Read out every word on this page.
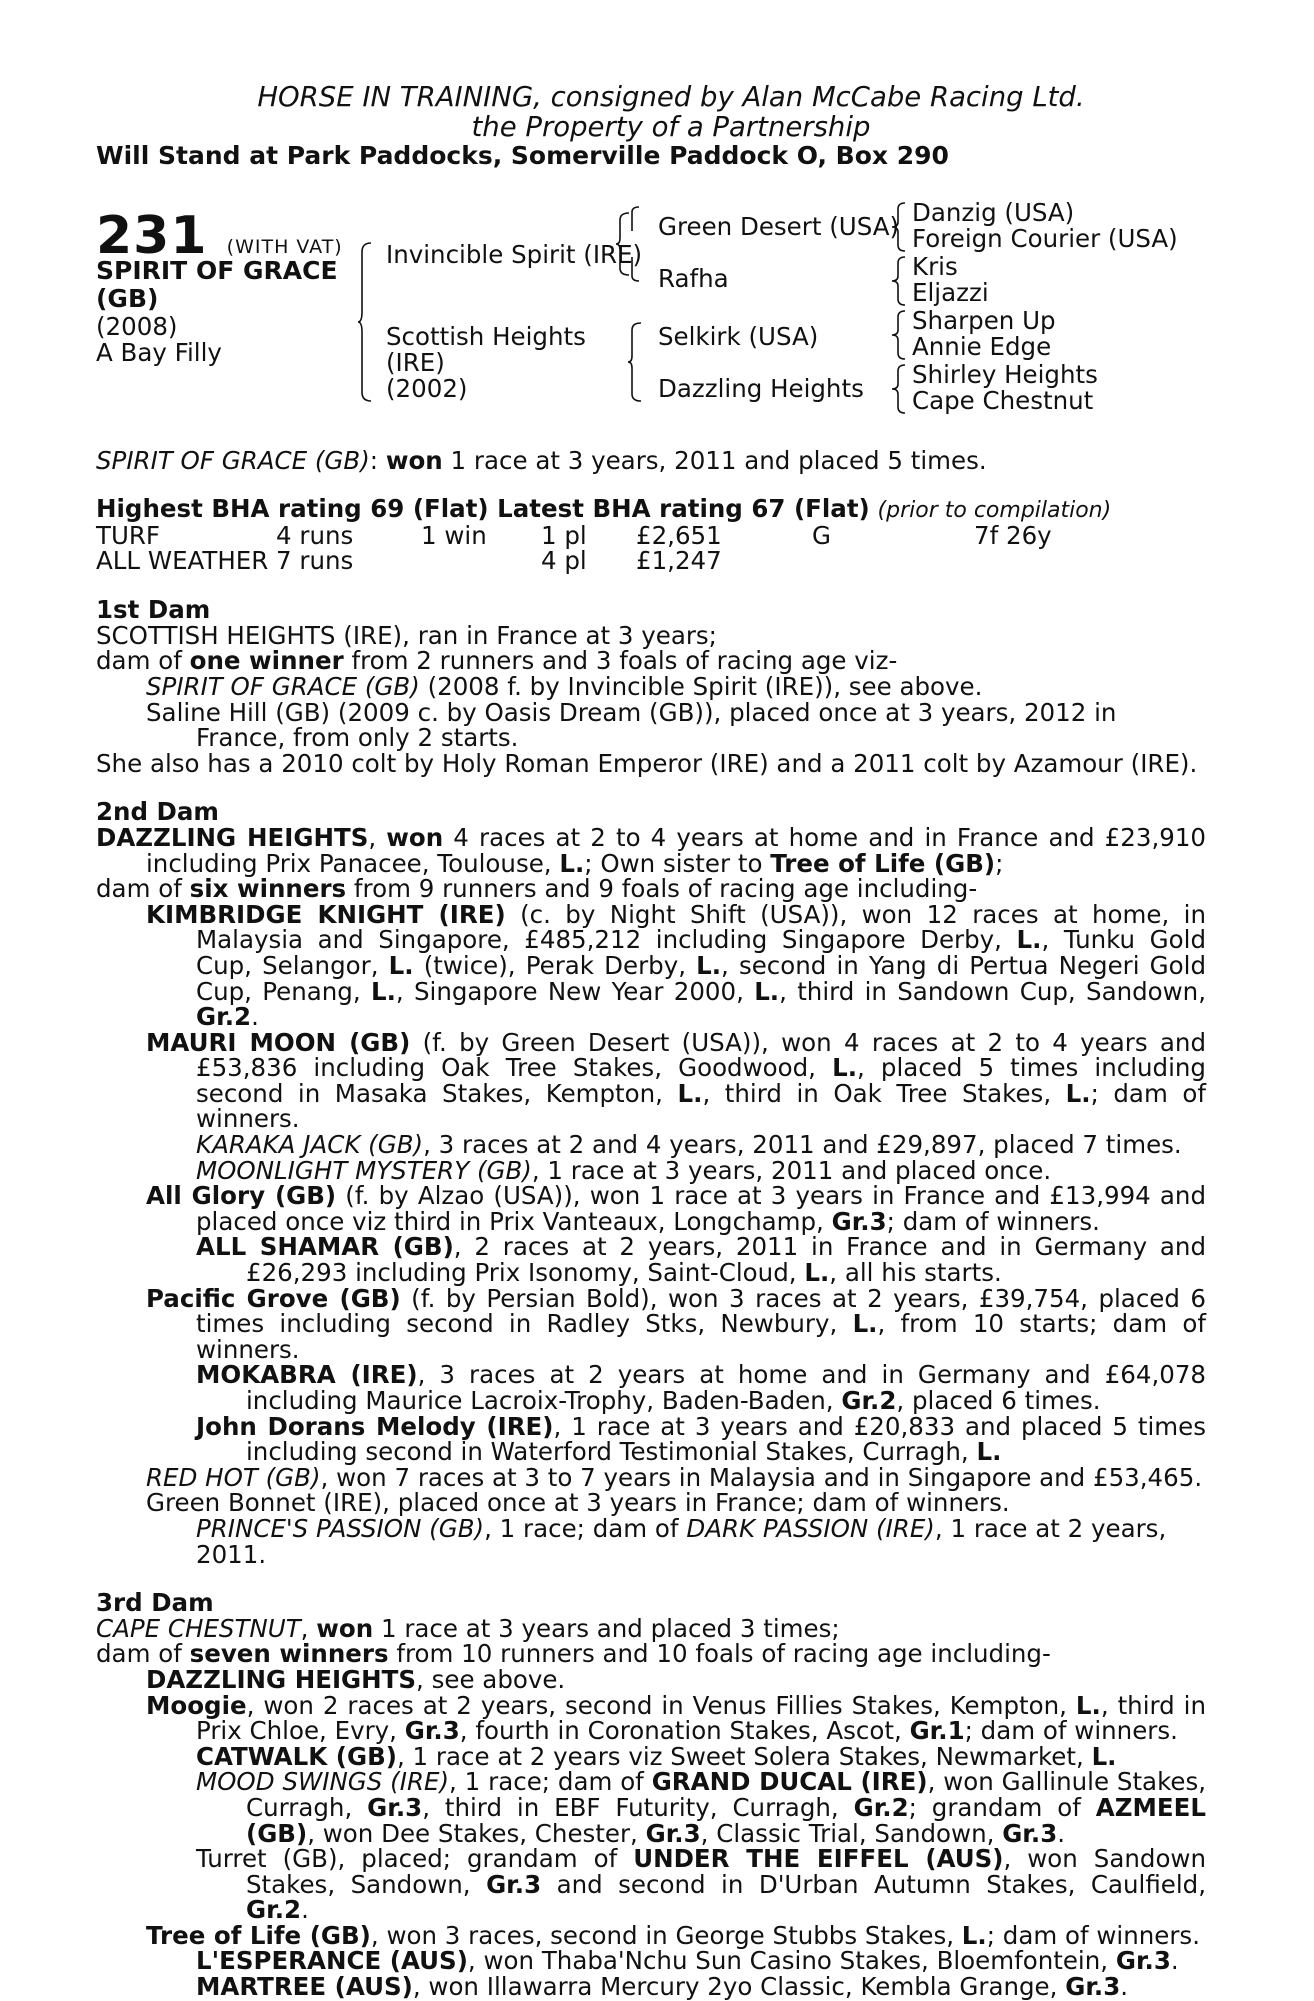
HORSE IN TRAINING, consigned by Alan McCabe Racing Ltd.
the Property of a Partnership
Will Stand at Park Paddocks, Somerville Paddock O, Box 290
231 (WITH VAT)
SPIRIT OF GRACE
(GB)
(2008)
A Bay Filly
Invincible Spirit (IRE)
Scottish Heights
(IRE)
(2002)
Green Desert (USA)
Rafha
Selkirk (USA)
Dazzling Heights
Danzig (USA)
Foreign Courier (USA)
Kris
Eljazzi
Sharpen Up
Annie Edge
Shirley Heights
Cape Chestnut

SPIRIT OF GRACE (GB): won 1 race at 3 years, 2011 and placed 5 times.

Highest BHA rating 69 (Flat) Latest BHA rating 67 (Flat) (prior to compilation)

TURF	4 runs	1 win 1 pl £2,651	G	7f 26y
ALL WEATHER 7 runs	4 pl £1,247

1st Dam

SCOTTISH HEIGHTS (IRE), ran in France at 3 years;

dam of one winner from 2 runners and 3 foals of racing age viz-

SPIRIT OF GRACE (GB) (2008 f. by Invincible Spirit (IRE)), see above.

Saline Hill (GB) (2009 c. by Oasis Dream (GB)), placed once at 3 years, 2012 in France, from only 2 starts.

She also has a 2010 colt by Holy Roman Emperor (IRE) and a 2011 colt by Azamour (IRE).

2nd Dam

DAZZLING HEIGHTS, won 4 races at 2 to 4 years at home and in France and £23,910 including Prix Panacee, Toulouse, L.; Own sister to Tree of Life (GB);

dam of six winners from 9 runners and 9 foals of racing age including-

KIMBRIDGE KNIGHT (IRE) (c. by Night Shift (USA)), won 12 races at home, in Malaysia and Singapore, £485,212 including Singapore Derby, L., Tunku Gold Cup, Selangor, L. (twice), Perak Derby, L., second in Yang di Pertua Negeri Gold Cup, Penang, L., Singapore New Year 2000, L., third in Sandown Cup, Sandown, Gr.2.

MAURI MOON (GB) (f. by Green Desert (USA)), won 4 races at 2 to 4 years and £53,836 including Oak Tree Stakes, Goodwood, L., placed 5 times including second in Masaka Stakes, Kempton, L., third in Oak Tree Stakes, L.; dam of winners.

KARAKA JACK (GB), 3 races at 2 and 4 years, 2011 and £29,897, placed 7 times.

MOONLIGHT MYSTERY (GB), 1 race at 3 years, 2011 and placed once.

All Glory (GB) (f. by Alzao (USA)), won 1 race at 3 years in France and £13,994 and placed once viz third in Prix Vanteaux, Longchamp, Gr.3; dam of winners.

ALL SHAMAR (GB), 2 races at 2 years, 2011 in France and in Germany and £26,293 including Prix Isonomy, Saint-Cloud, L., all his starts.

Pacific Grove (GB) (f. by Persian Bold), won 3 races at 2 years, £39,754, placed 6 times including second in Radley Stks, Newbury, L., from 10 starts; dam of winners.

MOKABRA (IRE), 3 races at 2 years at home and in Germany and £64,078 including Maurice Lacroix-Trophy, Baden-Baden, Gr.2, placed 6 times.

John Dorans Melody (IRE), 1 race at 3 years and £20,833 and placed 5 times including second in Waterford Testimonial Stakes, Curragh, L.

RED HOT (GB), won 7 races at 3 to 7 years in Malaysia and in Singapore and £53,465.

Green Bonnet (IRE), placed once at 3 years in France; dam of winners.

PRINCE'S PASSION (GB), 1 race; dam of DARK PASSION (IRE), 1 race at 2 years, 2011.

3rd Dam

CAPE CHESTNUT, won 1 race at 3 years and placed 3 times;

dam of seven winners from 10 runners and 10 foals of racing age including-

DAZZLING HEIGHTS, see above.

Moogie, won 2 races at 2 years, second in Venus Fillies Stakes, Kempton, L., third in Prix Chloe, Evry, Gr.3, fourth in Coronation Stakes, Ascot, Gr.1; dam of winners.

CATWALK (GB), 1 race at 2 years viz Sweet Solera Stakes, Newmarket, L.

MOOD SWINGS (IRE), 1 race; dam of GRAND DUCAL (IRE), won Gallinule Stakes, Curragh, Gr.3, third in EBF Futurity, Curragh, Gr.2; grandam of AZMEEL (GB), won Dee Stakes, Chester, Gr.3, Classic Trial, Sandown, Gr.3.

Turret (GB), placed; grandam of UNDER THE EIFFEL (AUS), won Sandown Stakes, Sandown, Gr.3 and second in D'Urban Autumn Stakes, Caulfield, Gr.2.

Tree of Life (GB), won 3 races, second in George Stubbs Stakes, L.; dam of winners.

L'ESPERANCE (AUS), won Thaba'Nchu Sun Casino Stakes, Bloemfontein, Gr.3.

MARTREE (AUS), won Illawarra Mercury 2yo Classic, Kembla Grange, Gr.3.
